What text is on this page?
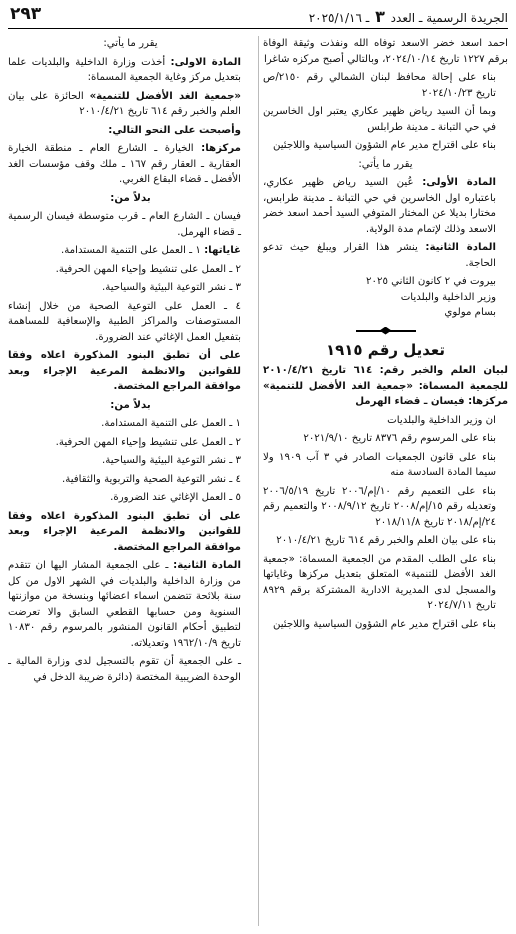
الجريدة الرسمية ـ العدد ٣ ـ ٢٠٢٥/١/١٦
٢٩٣

احمد اسعد خضر الاسعد توفاه الله ونفذت وثيقة الوفاة برقم ١٢٢٧ تاريخ ٢٠٢٤/١٠/١٤، وبالتالي أصبح مركزه شاغرا

بناء على إحالة محافظ لبنان الشمالي رقم ٢١٥٠/ص تاريخ ٢٠٢٤/١٠/٢٣

وبما أن السيد رياض ظهير عكاري يعتبر اول الخاسرين في حي التبانة ـ مدينة طرابلس

بناء على اقتراح مدير عام الشؤون السياسية واللاجئين

يقرر ما يأتي:

المادة الأولى: عُين السيد رياض ظهير عكاري، باعتباره اول الخاسرين في حي التبانة ـ مدينة طرابس، مختارا بديلا عن المختار المتوفي السيد أحمد اسعد خضر الاسعد وذلك لإتمام مدة الولاية.

المادة الثانية: ينشر هذا القرار ويبلغ حيث تدعو الحاجة.

بيروت في ٢ كانون الثاني ٢٠٢٥

وزير الداخلية والبلديات

بسام مولوي

تعديل رقم ١٩١٥

لبيان العلم والخبر رقم: ٦١٤ تاريخ ٢٠١٠/٤/٢١ للجمعية المسماة: «جمعية الغد الأفضل للتنمية» مركزها: فيسان ـ قضاء الهرمل

ان وزير الداخلية والبلديات

بناء على المرسوم رقم ٨٣٧٦ تاريخ ٢٠٢١/٩/١٠

بناء على قانون الجمعيات الصادر في ٣ آب ١٩٠٩ ولا سيما المادة السادسة منه

بناء على التعميم رقم ١٠/إم/٢٠٠٦ تاريخ ٢٠٠٦/٥/١٩ وتعديله رقم ١٥/إم/٢٠٠٨ تاريخ ٢٠٠٨/٩/١٢ والتعميم رقم ٢٤/إم/٢٠١٨ تاريخ ٢٠١٨/١١/٨

بناء على بيان العلم والخبر رقم ٦١٤ تاريخ ٢٠١٠/٤/٢١

بناء على الطلب المقدم من الجمعية المسماة: «جمعية الغد الأفضل للتنمية» المتعلق بتعديل مركزها وغاياتها والمسجل لدى المديرية الادارية المشتركة برقم ٨٩٢٩ تاريخ ٢٠٢٤/٧/١١

بناء على اقتراح مدير عام الشؤون السياسية واللاجئين

يقرر ما يأتي:

المادة الاولى: أخذت وزارة الداخلية والبلديات علما بتعديل مركز وغاية الجمعية المسماة:

«جمعية الغد الأفضل للتنمية» الحائزة على بيان العلم والخبر رقم ٦١٤ تاريخ ٢٠١٠/٤/٢١

وأصبحت على النحو التالي:

مركزها: الخيارة ـ الشارع العام ـ منطقة الخيارة العقارية ـ العقار رقم ١٦٧ ـ ملك وقف مؤسسات الغد الأفضل ـ قضاء البقاع الغربي.

بدلاً من:

فيسان ـ الشارع العام ـ قرب متوسطة فيسان الرسمية ـ قضاء الهرمل.

غاياتها: ١ ـ العمل على التنمية المستدامة.

٢ ـ العمل على تنشيط وإحياء المهن الحرفية.

٣ ـ نشر التوعية البيئية والسياحية.

٤ ـ العمل على التوعية الصحية من خلال إنشاء المستوصفات والمراكز الطبية والإسعافية للمساهمة بتفعيل العمل الإغاثي عند الضرورة.

على أن تطبق البنود المذكورة اعلاه وفقا للقوانين والانظمة المرعية الإجراء وبعد موافقة المراجع المختصة.

بدلاً من:

١ ـ العمل على التنمية المستدامة.

٢ ـ العمل على تنشيط وإحياء المهن الحرفية.

٣ ـ نشر التوعية البيئية والسياحية.

٤ ـ نشر التوعية الصحية والتربوية والثقافية.

٥ ـ العمل الإغاثي عند الضرورة.

على أن تطبق البنود المذكورة اعلاه وفقا للقوانين والانظمة المرعية الإجراء وبعد موافقة المراجع المختصة.

المادة الثانية: ـ على الجمعية المشار اليها ان تتقدم من وزارة الداخلية والبلديات في الشهر الاول من كل سنة بلائحة تتضمن اسماء اعضائها وبنسخة من موازنتها السنوية ومن حسابها القطعي السابق والا تعرضت لتطبيق أحكام القانون المنشور بالمرسوم رقم ١٠٨٣٠ تاريخ ١٩٦٢/١٠/٩ وتعديلاته.

ـ على الجمعية أن تقوم بالتسجيل لدى وزارة المالية ـ الوحدة الضريبية المختصة (دائرة ضريبة الدخل في
